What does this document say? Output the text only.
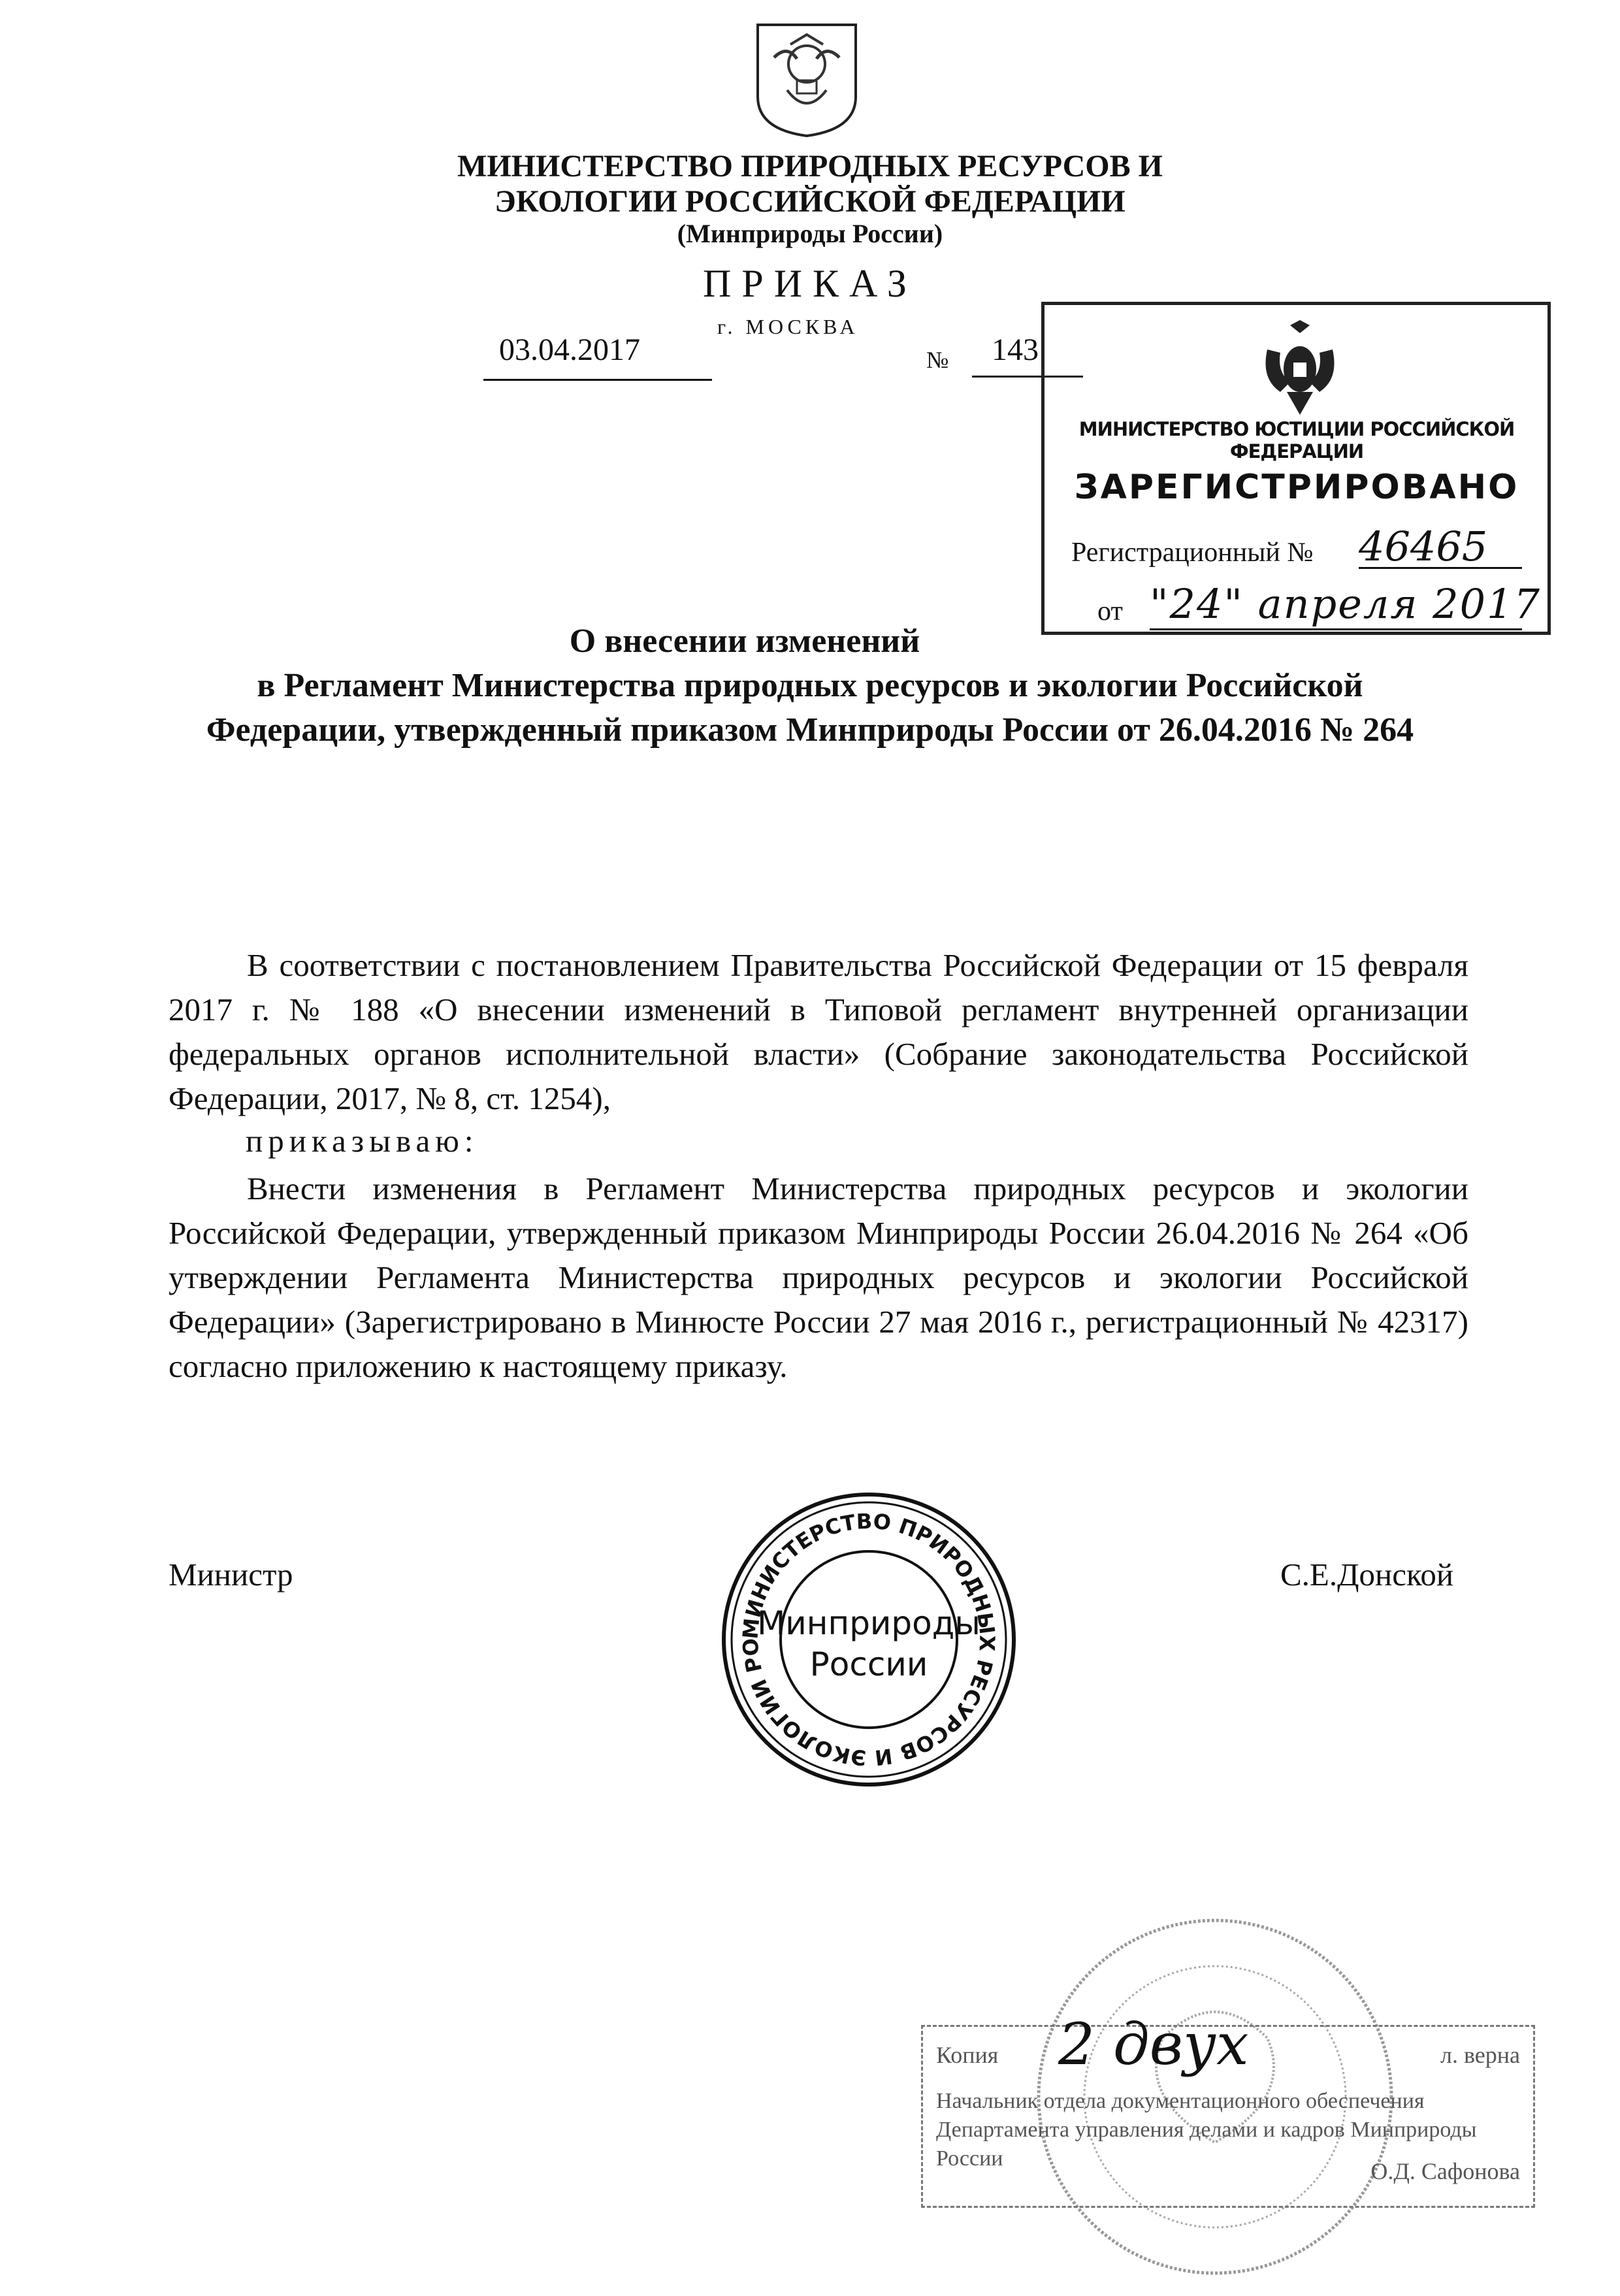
МИНИСТЕРСТВО ПРИРОДНЫХ РЕСУРСОВ И ЭКОЛОГИИ РОССИЙСКОЙ ФЕДЕРАЦИИ
(Минприроды России)
ПРИКАЗ
г. МОСКВА
03.04.2017	№ 143
МИНИСТЕРСТВО ЮСТИЦИИ РОССИЙСКОЙ ФЕДЕРАЦИИ
ЗАРЕГИСТРИРОВАНО
Регистрационный № 46465
от "24" апреля 2017
О внесении изменений
в Регламент Министерства природных ресурсов и экологии Российской Федерации, утвержденный приказом Минприроды России от 26.04.2016 № 264
В соответствии с постановлением Правительства Российской Федерации от 15 февраля 2017 г. № 188 «О внесении изменений в Типовой регламент внутренней организации федеральных органов исполнительной власти» (Собрание законодательства Российской Федерации, 2017, № 8, ст. 1254),
приказываю:
Внести изменения в Регламент Министерства природных ресурсов и экологии Российской Федерации, утвержденный приказом Минприроды России 26.04.2016 № 264 «Об утверждении Регламента Министерства природных ресурсов и экологии Российской Федерации» (Зарегистрировано в Минюсте России 27 мая 2016 г., регистрационный № 42317) согласно приложению к настоящему приказу.
Министр	С.Е.Донской
МИНИСТЕРСТВО ПРИРОДНЫХ РЕСУРСОВ И ЭКОЛОГИИ РО
Минприроды
России
Копия	л. верна
Начальник отдела документационного обеспечения Департамента управления делами и кадров Минприроды России	О.Д. Сафонова
2 двух
